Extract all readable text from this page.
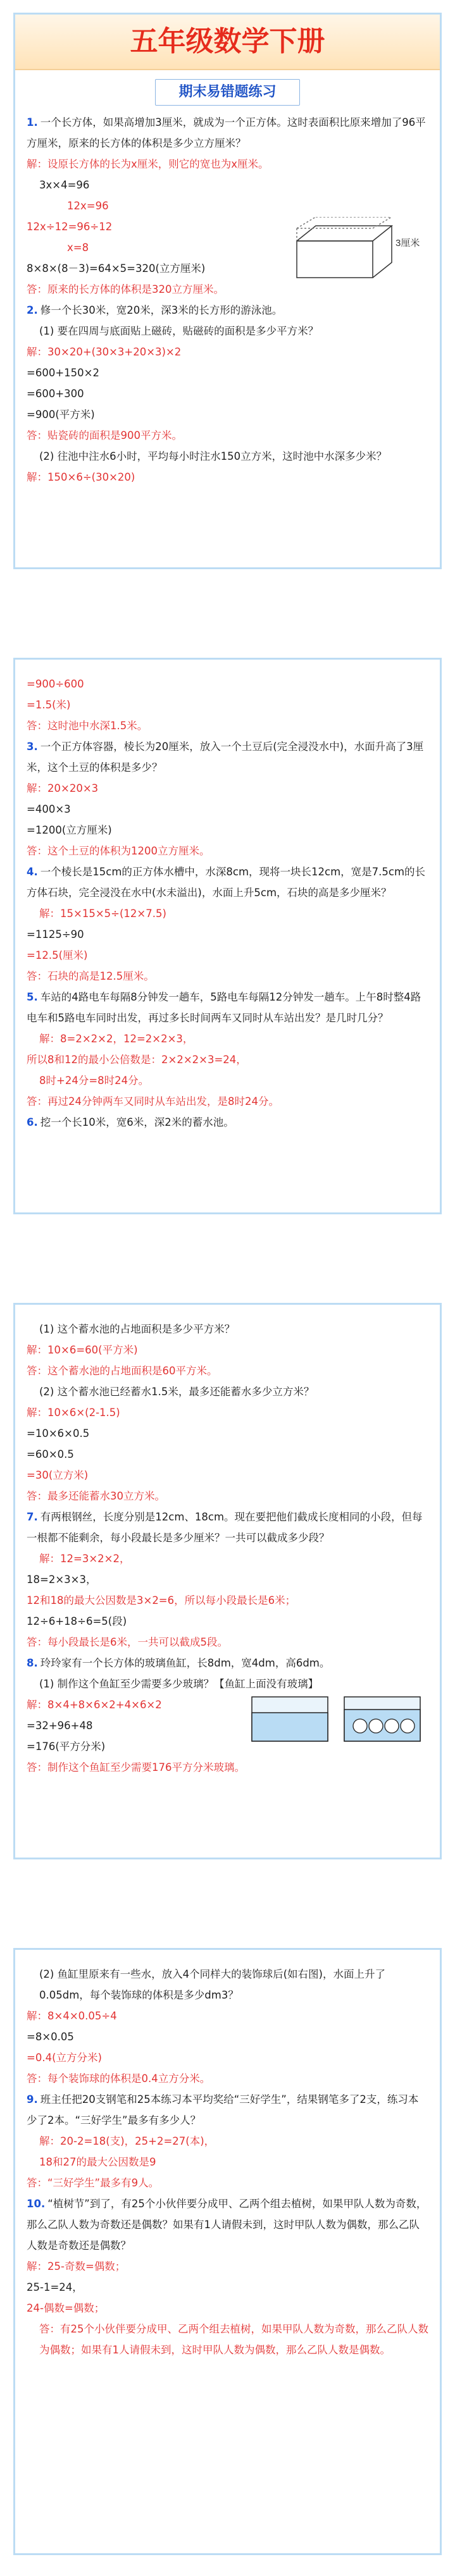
五年级数学下册
期末易错题练习
1. 一个长方体，如果高增加3厘米，就成为一个正方体。这时表面积比原来增加了96平方厘米，原来的长方体的体积是多少立方厘米？
解：设原长方体的长为x厘米，则它的宽也为x厘米。
3x×4=96
12x=96
12x÷12=96÷12
x=8
8×8×(8－3)=64×5=320(立方厘米)
答：原来的长方体的体积是320立方厘米。
2. 修一个长30米，宽20米，深3米的长方形的游泳池。
(1) 要在四周与底面贴上磁砖，贴磁砖的面积是多少平方米？
解：30×20+(30×3+20×3)×2
=600+150×2
=600+300
=900(平方米)
答：贴瓷砖的面积是900平方米。
(2) 往池中注水6小时，平均每小时注水150立方米，这时池中水深多少米？
解：150×6÷(30×20)
3厘米
=900÷600
=1.5(米)
答：这时池中水深1.5米。
3. 一个正方体容器，棱长为20厘米，放入一个土豆后(完全浸没水中)，水面升高了3厘米，这个土豆的体积是多少？
解：20×20×3
=400×3
=1200(立方厘米)
答：这个土豆的体积为1200立方厘米。
4. 一个棱长是15cm的正方体水槽中，水深8cm，现将一块长12cm，宽是7.5cm的长方体石块，完全浸没在水中(水未溢出)，水面上升5cm，石块的高是多少厘米？
解：15×15×5÷(12×7.5)
=1125÷90
=12.5(厘米)
答：石块的高是12.5厘米。
5. 车站的4路电车每隔8分钟发一趟车，5路电车每隔12分钟发一趟车。上午8时整4路电车和5路电车同时出发，再过多长时间两车又同时从车站出发？是几时几分？
解：8=2×2×2，12=2×2×3，
所以8和12的最小公倍数是：2×2×2×3=24，
8时+24分=8时24分。
答：再过24分钟两车又同时从车站出发，是8时24分。
6. 挖一个长10米，宽6米，深2米的蓄水池。
(1) 这个蓄水池的占地面积是多少平方米？
解：10×6=60(平方米)
答：这个蓄水池的占地面积是60平方米。
(2) 这个蓄水池已经蓄水1.5米，最多还能蓄水多少立方米？
解：10×6×(2-1.5)
=10×6×0.5
=60×0.5
=30(立方米)
答：最多还能蓄水30立方米。
7. 有两根钢丝，长度分别是12cm、18cm。现在要把他们截成长度相同的小段，但每一根都不能剩余，每小段最长是多少厘米？一共可以截成多少段？
解：12=3×2×2，
18=2×3×3，
12和18的最大公因数是3×2=6，所以每小段最长是6米；
12÷6+18÷6=5(段)
答：每小段最长是6米，一共可以截成5段。
8. 玲玲家有一个长方体的玻璃鱼缸，长8dm，宽4dm，高6dm。
(1) 制作这个鱼缸至少需要多少玻璃？【鱼缸上面没有玻璃】
解：8×4+8×6×2+4×6×2
=32+96+48
=176(平方分米)
答：制作这个鱼缸至少需要176平方分米玻璃。
(2) 鱼缸里原来有一些水，放入4个同样大的装饰球后(如右图)，水面上升了0.05dm，每个装饰球的体积是多少dm3？
解：8×4×0.05÷4
=8×0.05
=0.4(立方分米)
答：每个装饰球的体积是0.4立方分米。
9. 班主任把20支钢笔和25本练习本平均奖给“三好学生”，结果钢笔多了2支，练习本少了2本。“三好学生”最多有多少人？
解：20-2=18(支)，25+2=27(本)，
18和27的最大公因数是9
答：“三好学生”最多有9人。
10. “植树节”到了，有25个小伙伴要分成甲、乙两个组去植树，如果甲队人数为奇数，那么乙队人数为奇数还是偶数？如果有1人请假未到，这时甲队人数为偶数，那么乙队人数是奇数还是偶数？
解：25-奇数=偶数；
25-1=24，
24-偶数=偶数；
答：有25个小伙伴要分成甲、乙两个组去植树，如果甲队人数为奇数，那么乙队人数为偶数；如果有1人请假未到，这时甲队人数为偶数，那么乙队人数是偶数。
